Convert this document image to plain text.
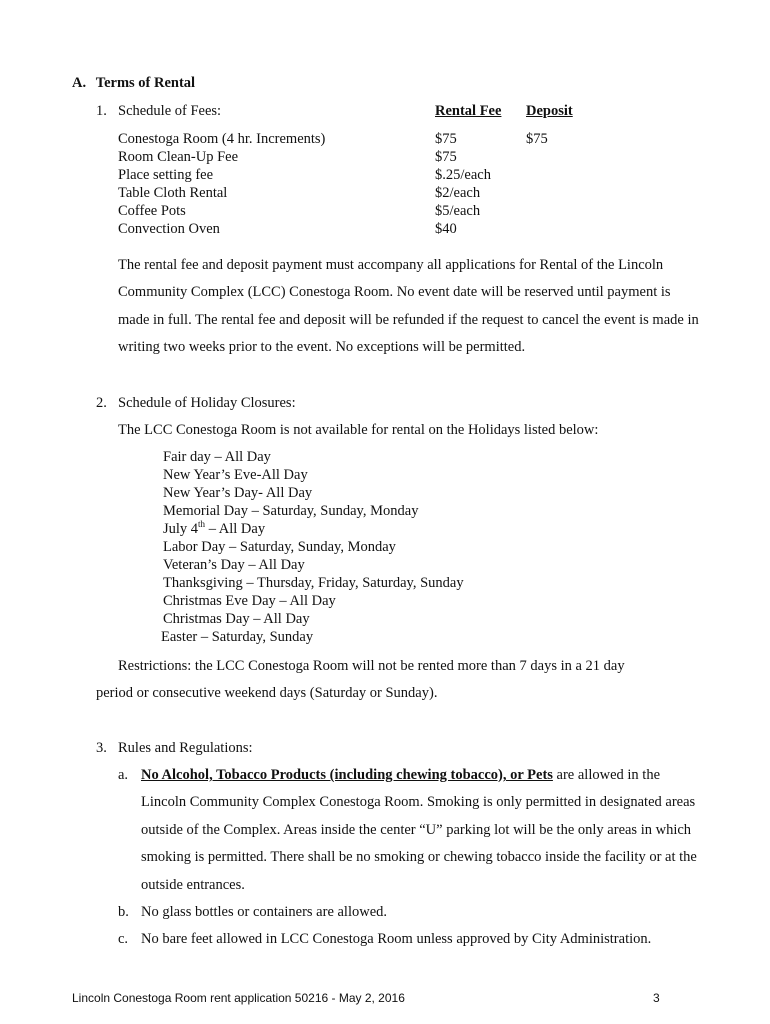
A. Terms of Rental
1. Schedule of Fees:	Rental Fee Deposit
Conestoga Room (4 hr. Increments)	$75	$75
Room Clean-Up Fee	$75
Place setting fee	$.25/each
Table Cloth Rental	$2/each
Coffee Pots	$5/each
Convection Oven	$40
The rental fee and deposit payment must accompany all applications for Rental of the Lincoln Community Complex (LCC) Conestoga Room. No event date will be reserved until payment is made in full. The rental fee and deposit will be refunded if the request to cancel the event is made in writing two weeks prior to the event. No exceptions will be permitted.
2. Schedule of Holiday Closures:
The LCC Conestoga Room is not available for rental on the Holidays listed below:
Fair day – All Day
New Year’s Eve-All Day
New Year’s Day- All Day
Memorial Day – Saturday, Sunday, Monday
July 4th – All Day
Labor Day – Saturday, Sunday, Monday
Veteran’s Day – All Day
Thanksgiving – Thursday, Friday, Saturday, Sunday
Christmas Eve Day – All Day
Christmas Day – All Day
Easter – Saturday, Sunday
Restrictions: the LCC Conestoga Room will not be rented more than 7 days in a 21 day
period or consecutive weekend days (Saturday or Sunday).
3. Rules and Regulations:
a. No Alcohol, Tobacco Products (including chewing tobacco), or Pets are allowed in the Lincoln Community Complex Conestoga Room. Smoking is only permitted in designated areas outside of the Complex. Areas inside the center “U” parking lot will be the only areas in which smoking is permitted. There shall be no smoking or chewing tobacco inside the facility or at the outside entrances.
b. No glass bottles or containers are allowed.
c. No bare feet allowed in LCC Conestoga Room unless approved by City Administration.
Lincoln Conestoga Room rent application 50216 - May 2, 2016	3
